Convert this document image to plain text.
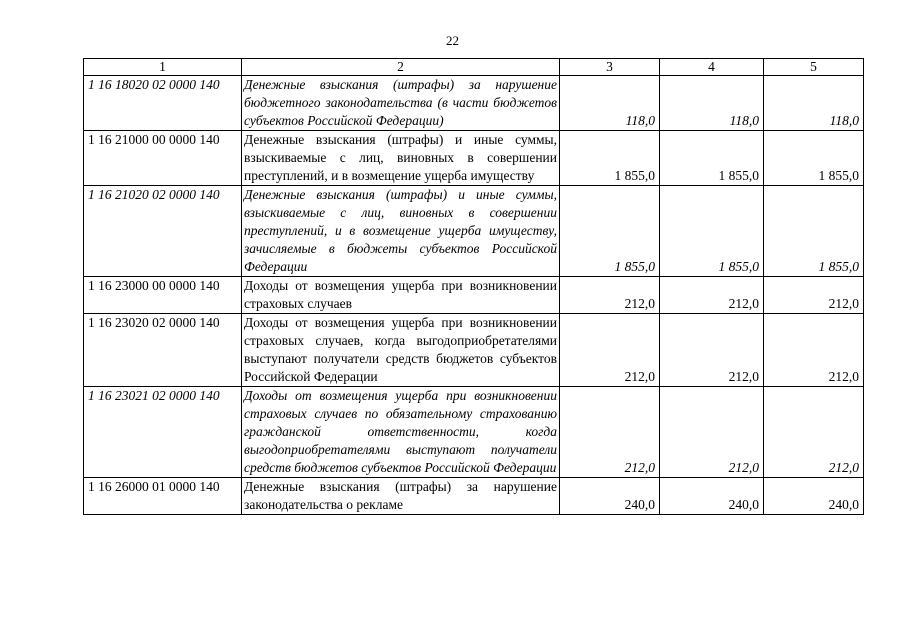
22
1	2	3	4	5
1 16 18020 02 0000 140	Денежные взыскания (штрафы) за нарушение бюджетного законодательства (в части бюджетов субъектов Российской Федерации)	118,0	118,0	118,0
1 16 21000 00 0000 140	Денежные взыскания (штрафы) и иные суммы, взыскиваемые с лиц, виновных в совершении преступлений, и в возмещение ущерба имуществу	1 855,0	1 855,0	1 855,0
1 16 21020 02 0000 140	Денежные взыскания (штрафы) и иные суммы, взыскиваемые с лиц, виновных в совершении преступлений, и в возмещение ущерба имуществу, зачисляемые в бюджеты субъектов Российской Федерации	1 855,0	1 855,0	1 855,0
1 16 23000 00 0000 140	Доходы от возмещения ущерба при возникновении страховых случаев	212,0	212,0	212,0
1 16 23020 02 0000 140	Доходы от возмещения ущерба при возникновении страховых случаев, когда выгодоприобретателями выступают получатели средств бюджетов субъектов Российской Федерации	212,0	212,0	212,0
1 16 23021 02 0000 140	Доходы от возмещения ущерба при возникновении страховых случаев по обязательному страхованию гражданской ответственности, когда выгодоприобретателями выступают получатели средств бюджетов субъектов Российской Федерации	212,0	212,0	212,0
1 16 26000 01 0000 140	Денежные взыскания (штрафы) за нарушение законодательства о рекламе	240,0	240,0	240,0
